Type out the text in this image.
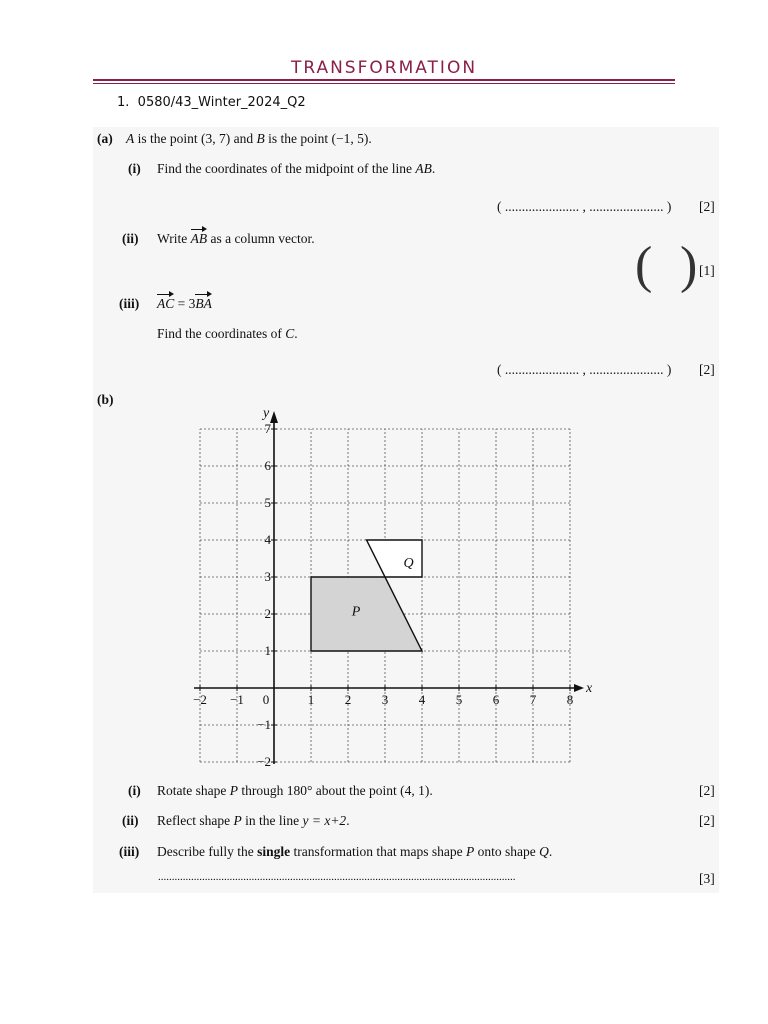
TRANSFORMATION
1. 0580/43_Winter_2024_Q2
(a) A is the point (3, 7) and B is the point (−1, 5).
(i) Find the coordinates of the midpoint of the line AB.
( ...................... , ...................... ) [2]
(ii) Write AB as a column vector.	( ) [1]
(iii) AC = 3BA
Find the coordinates of C.
( ...................... , ...................... ) [2]
(b)
P
Q
x
y
−2 −1 0	1 2 3 4 5 6 7 8
−2
−1
1
2
3
4
5
6
7
(i) Rotate shape P through 180° about the point (4, 1).	[2]
(ii) Reflect shape P in the line y = x+2.	[2]
(iii) Describe fully the single transformation that maps shape P onto shape Q.
..................................................................................................................................	[3]
